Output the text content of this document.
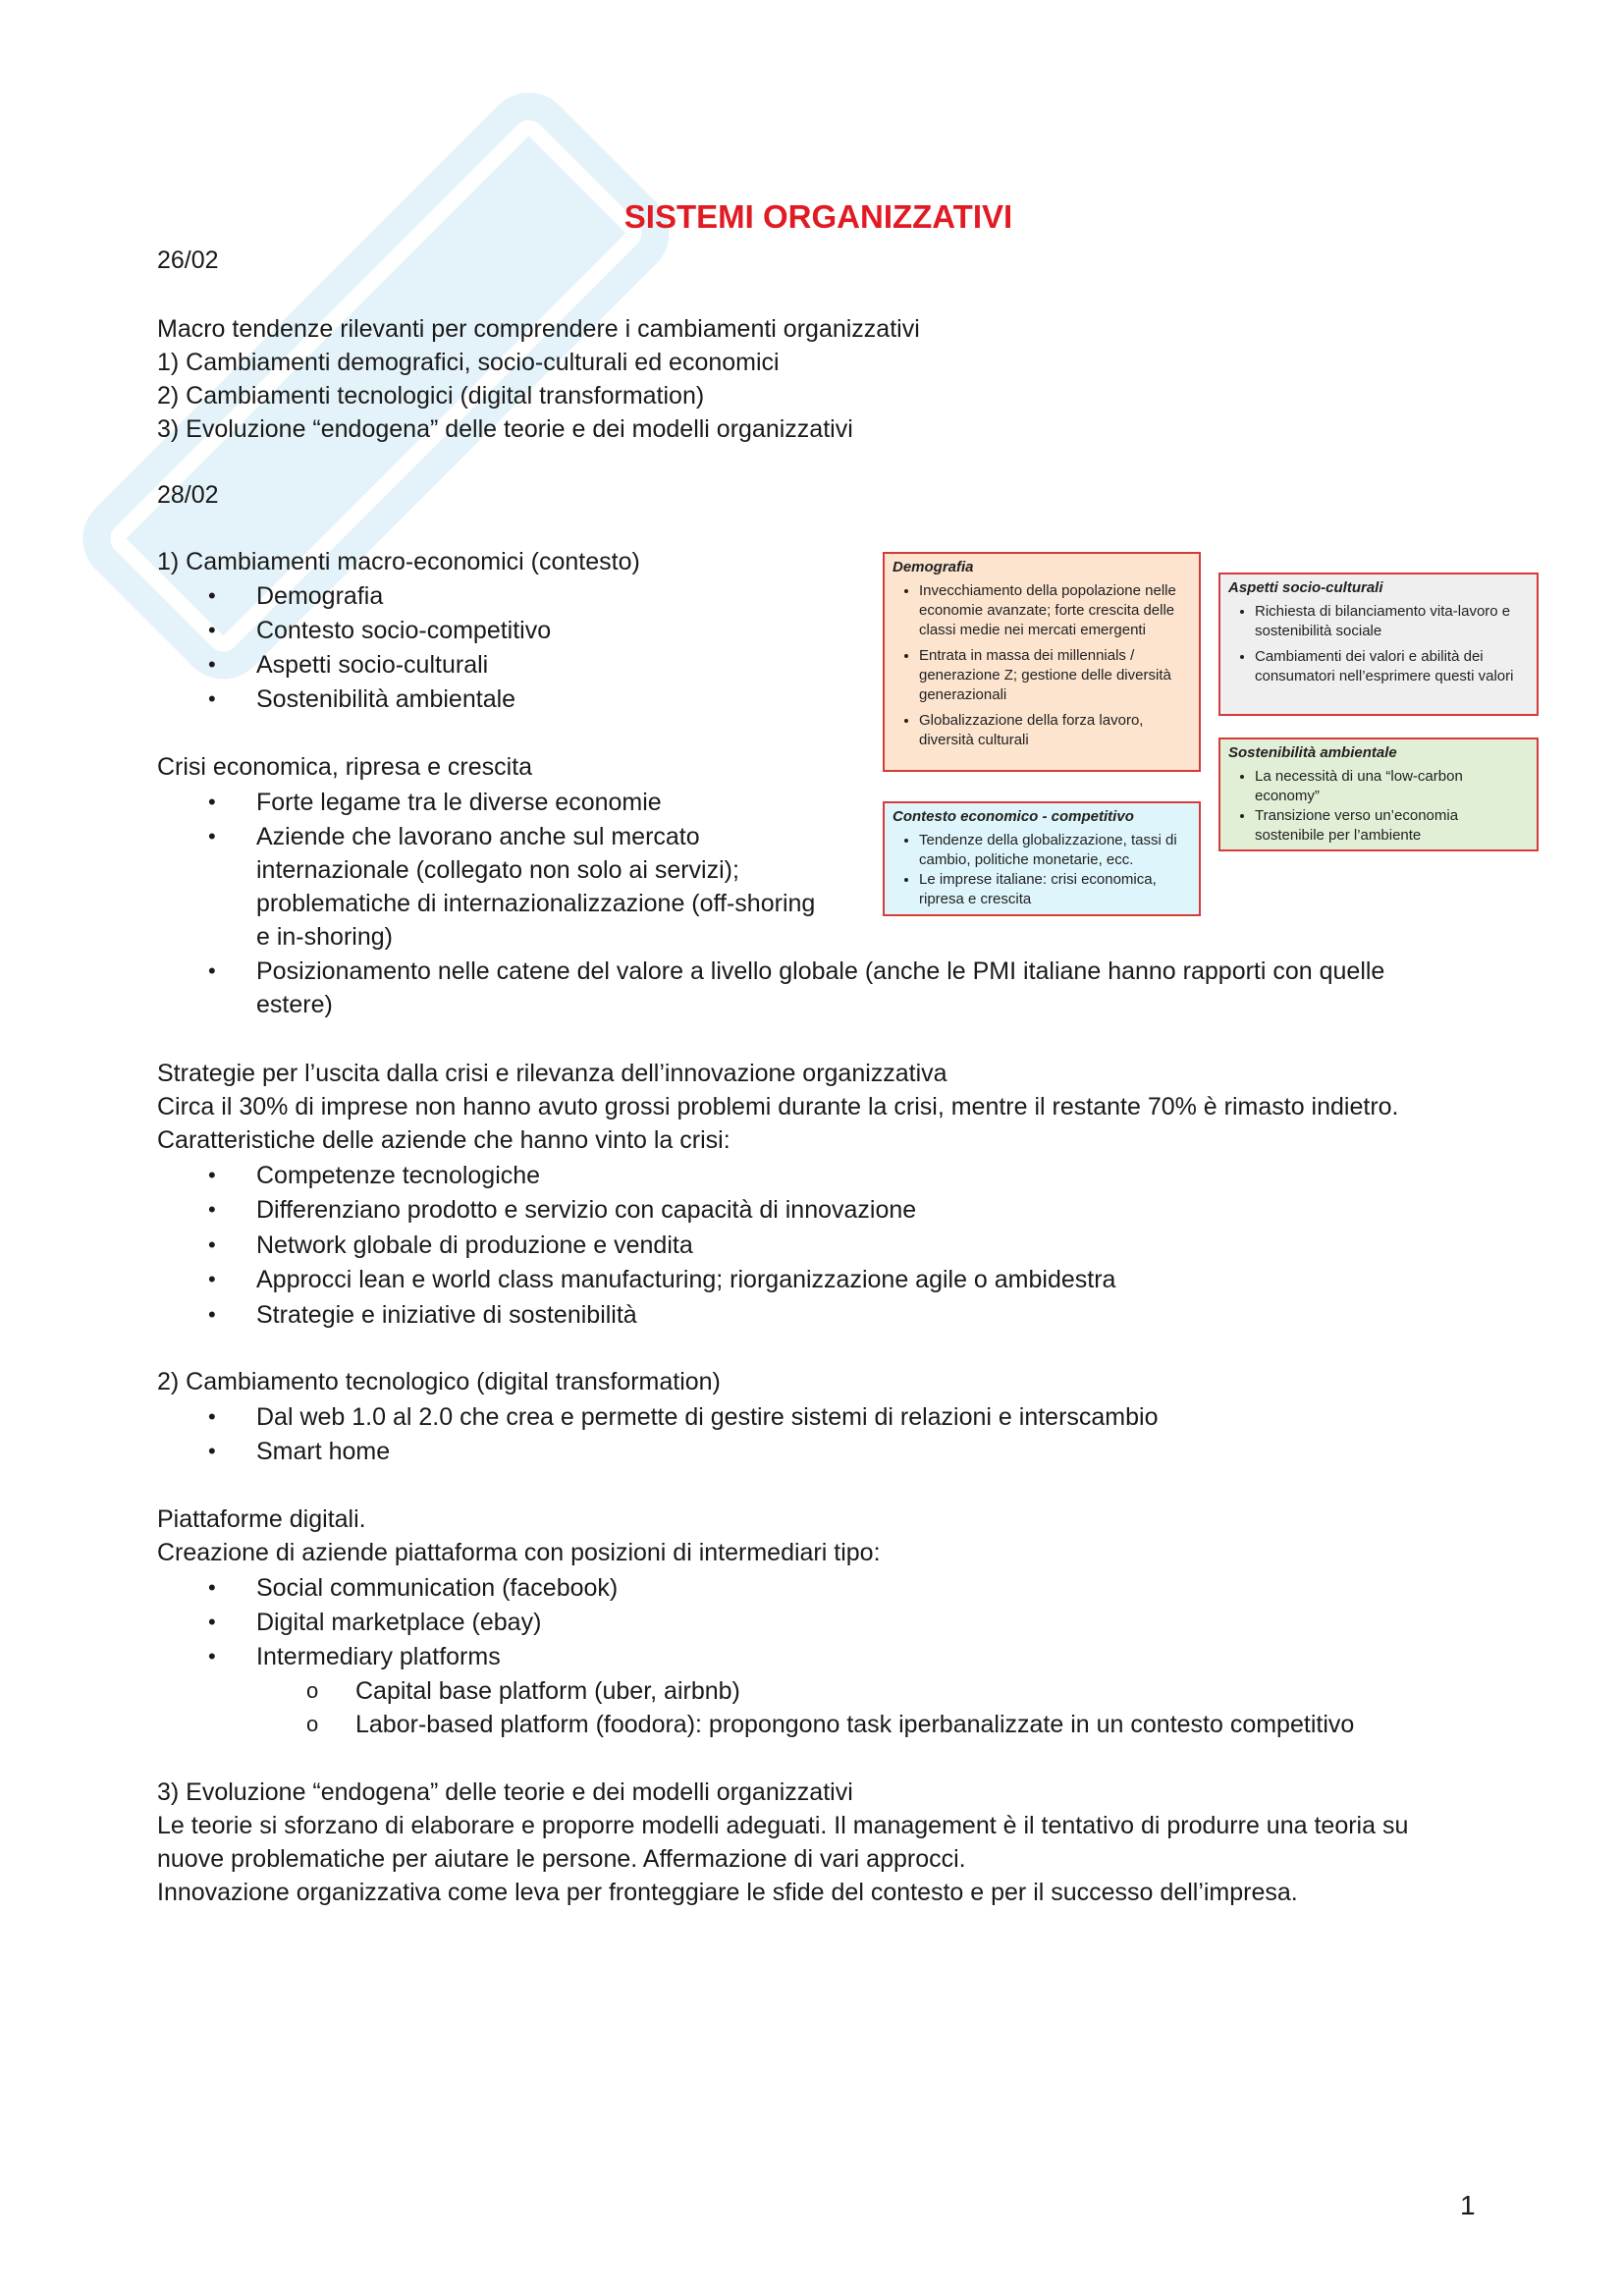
SISTEMI ORGANIZZATIVI
26/02
Macro tendenze rilevanti per comprendere i cambiamenti organizzativi
1) Cambiamenti demografici, socio-culturali ed economici
2) Cambiamenti tecnologici (digital transformation)
3) Evoluzione “endogena” delle teorie e dei modelli organizzativi
28/02
1) Cambiamenti macro-economici (contesto)
• Demografia
• Contesto socio-competitivo
• Aspetti socio-culturali
• Sostenibilità ambientale
Crisi economica, ripresa e crescita
• Forte legame tra le diverse economie
• Aziende che lavorano anche sul mercato
internazionale (collegato non solo ai servizi);
problematiche di internazionalizzazione (off-shoring
e in-shoring)
• Posizionamento nelle catene del valore a livello globale (anche le PMI italiane hanno rapporti con quelle
estere)
Strategie per l’uscita dalla crisi e rilevanza dell’innovazione organizzativa
Circa il 30% di imprese non hanno avuto grossi problemi durante la crisi, mentre il restante 70% è rimasto indietro.
Caratteristiche delle aziende che hanno vinto la crisi:
• Competenze tecnologiche
• Differenziano prodotto e servizio con capacità di innovazione
• Network globale di produzione e vendita
• Approcci lean e world class manufacturing; riorganizzazione agile o ambidestra
• Strategie e iniziative di sostenibilità
2) Cambiamento tecnologico (digital transformation)
• Dal web 1.0 al 2.0 che crea e permette di gestire sistemi di relazioni e interscambio
• Smart home
Piattaforme digitali.
Creazione di aziende piattaforma con posizioni di intermediari tipo:
• Social communication (facebook)
• Digital marketplace (ebay)
• Intermediary platforms
o Capital base platform (uber, airbnb)
o Labor-based platform (foodora): propongono task iperbanalizzate in un contesto competitivo
3) Evoluzione “endogena” delle teorie e dei modelli organizzativi
Le teorie si sforzano di elaborare e proporre modelli adeguati. Il management è il tentativo di produrre una teoria su
nuove problematiche per aiutare le persone. Affermazione di vari approcci.
Innovazione organizzativa come leva per fronteggiare le sfide del contesto e per il successo dell’impresa.
Demografia
• Invecchiamento della popolazione nelle economie avanzate; forte crescita delle classi medie nei mercati emergenti
• Entrata in massa dei millennials / generazione Z; gestione delle diversità generazionali
• Globalizzazione della forza lavoro, diversità culturali
Aspetti socio-culturali
• Richiesta di bilanciamento vita-lavoro e sostenibilità sociale
• Cambiamenti dei valori e abilità dei consumatori nell’esprimere questi valori
Sostenibilità ambientale
• La necessità di una “low-carbon economy”
• Transizione verso un’economia sostenibile per l’ambiente
Contesto economico - competitivo
• Tendenze della globalizzazione, tassi di cambio, politiche monetarie, ecc.
• Le imprese italiane: crisi economica, ripresa e crescita
1
